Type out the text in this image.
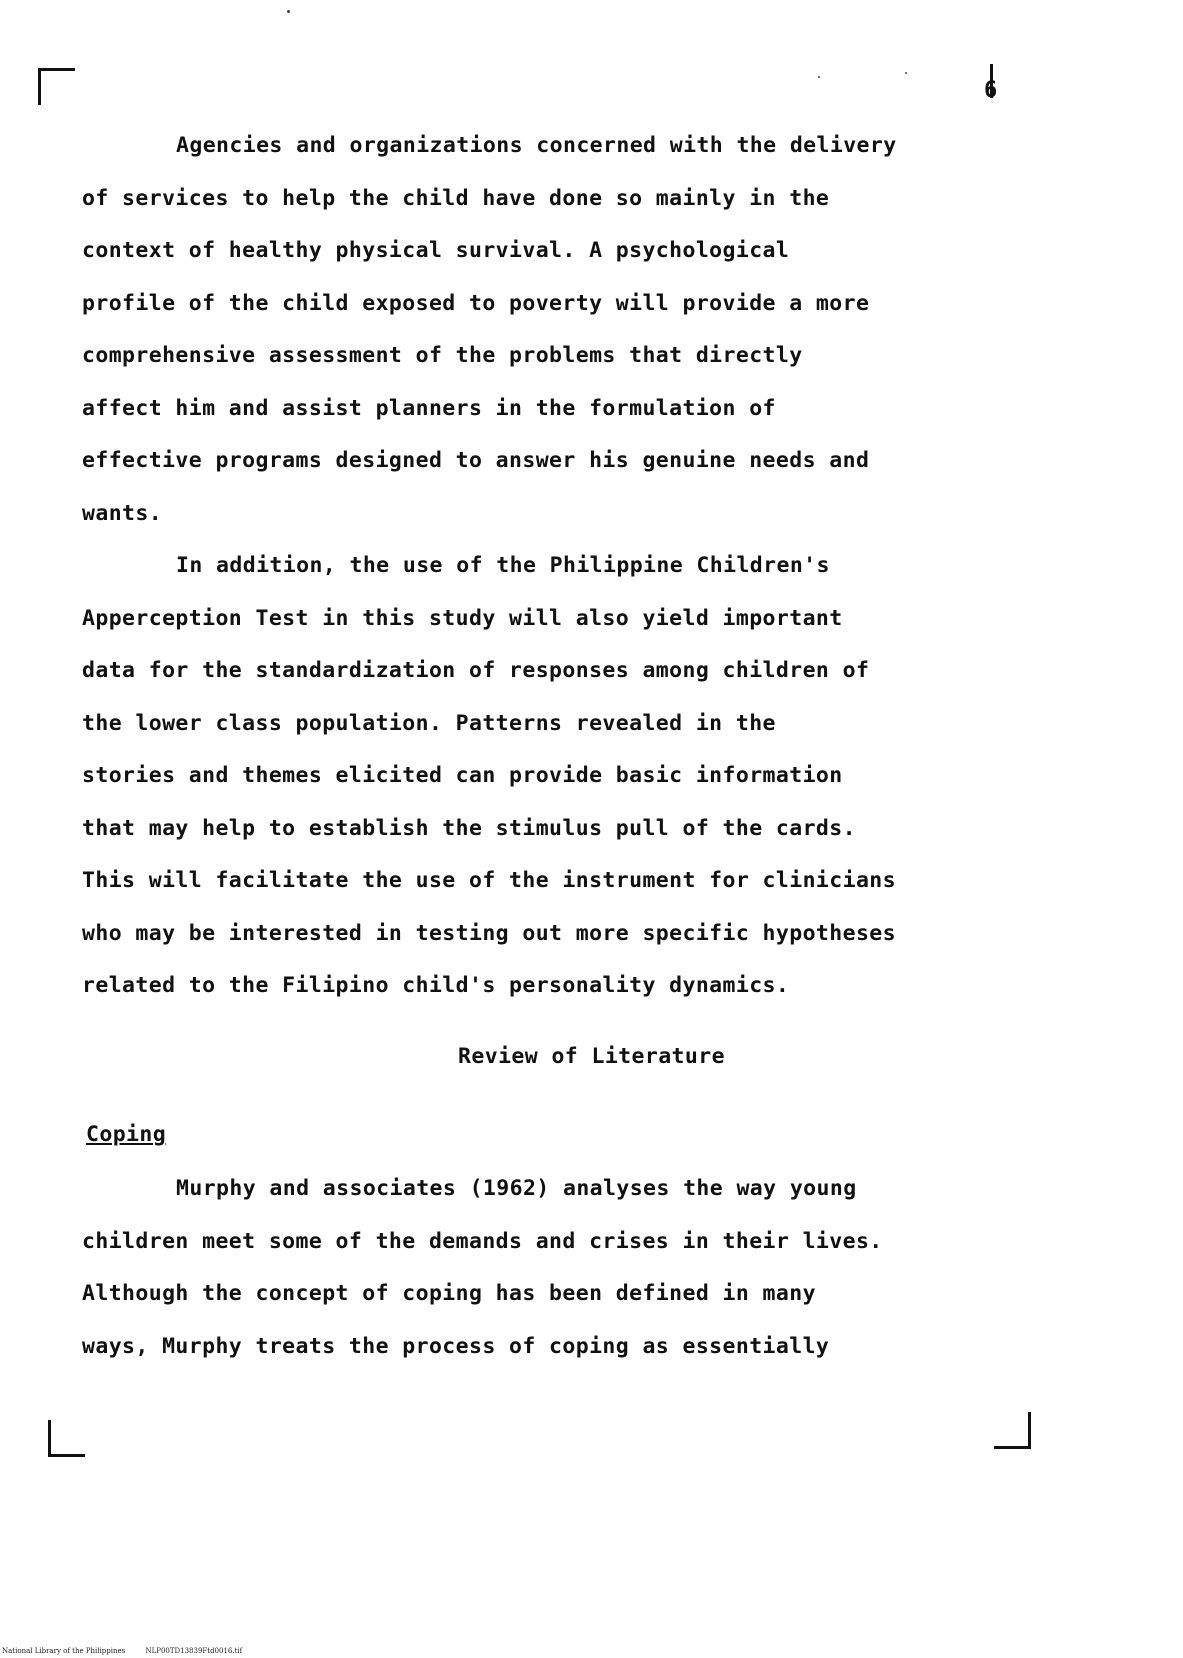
6
Agencies and organizations concerned with the delivery
of services to help the child have done so mainly in the
context of healthy physical survival. A psychological
profile of the child exposed to poverty will provide a more
comprehensive assessment of the problems that directly
affect him and assist planners in the formulation of
effective programs designed to answer his genuine needs and
wants.
In addition, the use of the Philippine Children's
Apperception Test in this study will also yield important
data for the standardization of responses among children of
the lower class population. Patterns revealed in the
stories and themes elicited can provide basic information
that may help to establish the stimulus pull of the cards.
This will facilitate the use of the instrument for clinicians
who may be interested in testing out more specific hypotheses
related to the Filipino child's personality dynamics.
Review of Literature
Coping
Murphy and associates (1962) analyses the way young
children meet some of the demands and crises in their lives.
Although the concept of coping has been defined in many
ways, Murphy treats the process of coping as essentially
National Library of the Philippines	NLP00TD13839Ftd0016.tif
